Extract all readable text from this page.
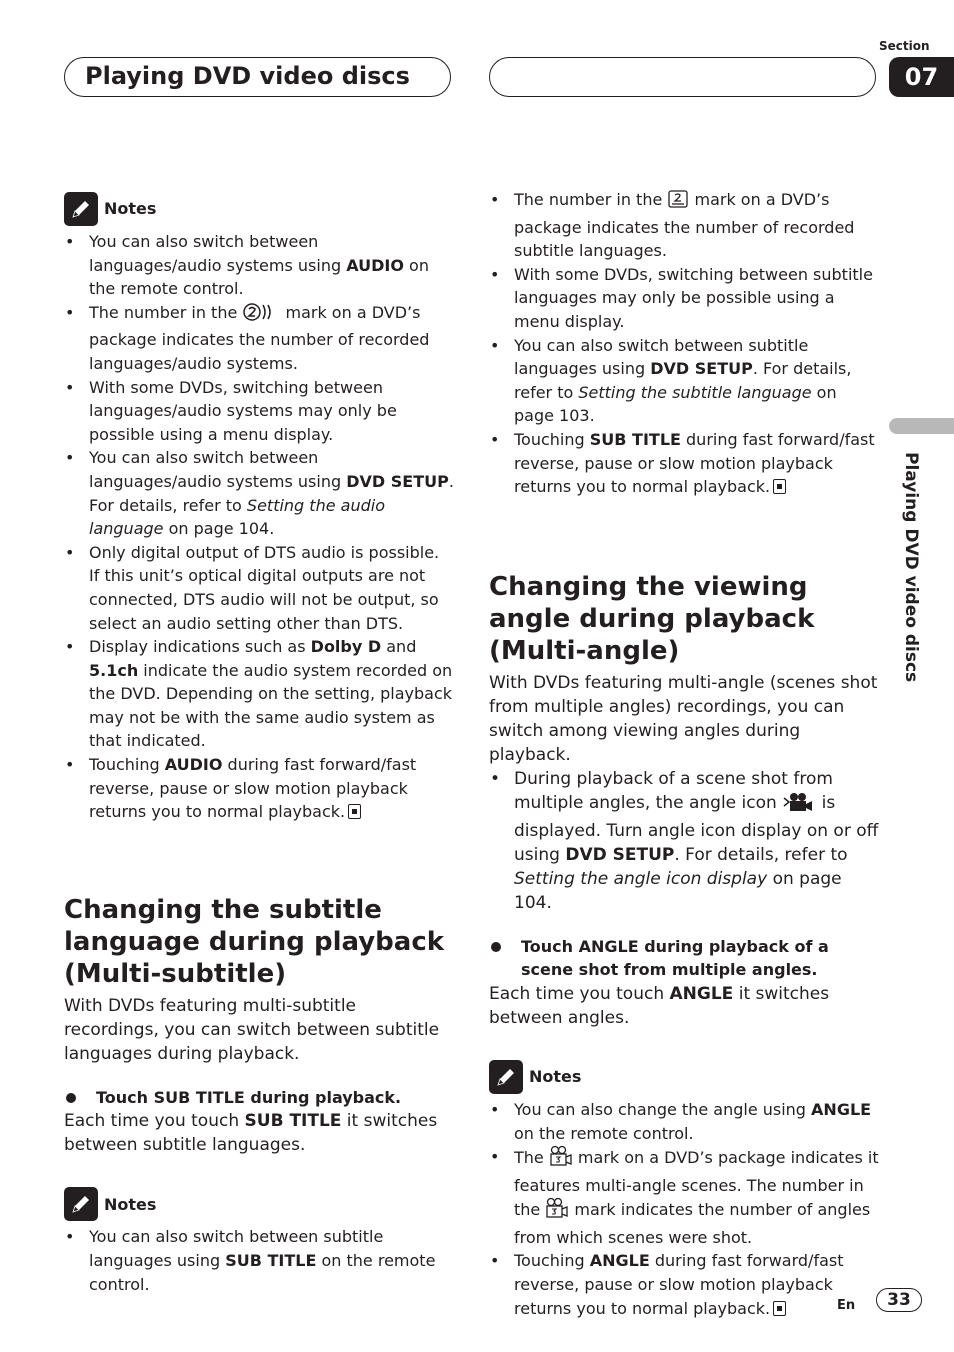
Playing DVD video discs
Section
07
Playing DVD video discs
Notes
• You can also switch between languages/audio systems using AUDIO on the remote control.
• The number in the  mark on a DVD’s package indicates the number of recorded languages/audio systems.
• With some DVDs, switching between languages/audio systems may only be possible using a menu display.
• You can also switch between languages/audio systems using DVD SETUP. For details, refer to Setting the audio language on page 104.
• Only digital output of DTS audio is possible. If this unit’s optical digital outputs are not connected, DTS audio will not be output, so select an audio setting other than DTS.
• Display indications such as Dolby D and 5.1ch indicate the audio system recorded on the DVD. Depending on the setting, playback may not be with the same audio system as that indicated.
• Touching AUDIO during fast forward/fast reverse, pause or slow motion playback returns you to normal playback.
Changing the subtitle language during playback (Multi-subtitle)

With DVDs featuring multi-subtitle recordings, you can switch between subtitle languages during playback.

Touch SUB TITLE during playback.

Each time you touch SUB TITLE it switches between subtitle languages.

Notes
• You can also switch between subtitle languages using SUB TITLE on the remote control.
• The number in the  mark on a DVD’s package indicates the number of recorded subtitle languages.
• With some DVDs, switching between subtitle languages may only be possible using a menu display.
• You can also switch between subtitle languages using DVD SETUP. For details, refer to Setting the subtitle language on page 103.
• Touching SUB TITLE during fast forward/fast reverse, pause or slow motion playback returns you to normal playback.
Changing the viewing angle during playback (Multi-angle)

With DVDs featuring multi-angle (scenes shot from multiple angles) recordings, you can switch among viewing angles during playback.

• During playback of a scene shot from multiple angles, the angle icon  is displayed. Turn angle icon display on or off using DVD SETUP. For details, refer to Setting the angle icon display on page 104.
Touch ANGLE during playback of a scene shot from multiple angles.

Each time you touch ANGLE it switches between angles.

Notes
• You can also change the angle using ANGLE on the remote control.
• The  mark on a DVD’s package indicates it features multi-angle scenes. The number in the  mark indicates the number of angles from which scenes were shot.
• Touching ANGLE during fast forward/fast reverse, pause or slow motion playback returns you to normal playback.	En	33
